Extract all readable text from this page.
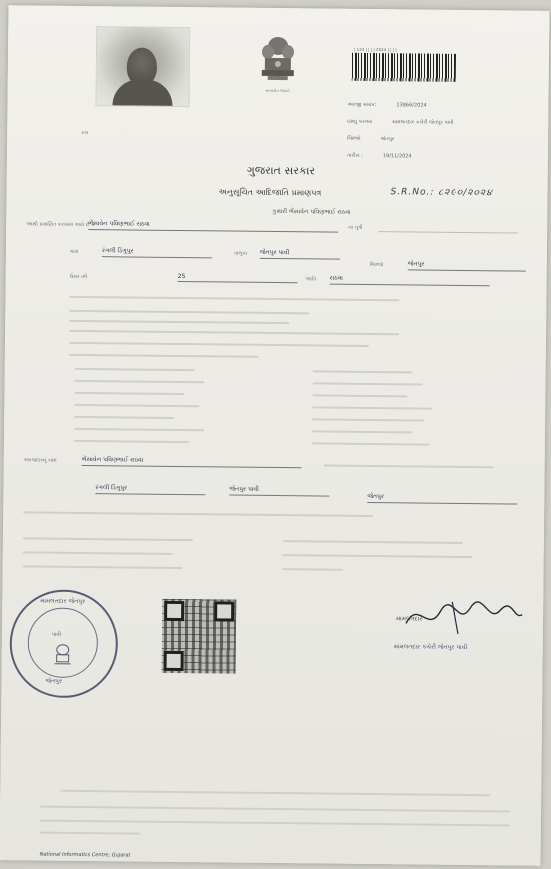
ક્રમ
સત્યમેવ જયતે
| 123 | | | | 2024 | | | |
અરજી ક્રમાંક:	13866/2024
ઇશ્યુ કરનાર	મામલતદાર કચેરી જેતપુર પાવી
જિલ્લો	જેતપુર
તારીખ :	19/11/2024
ગુજરાત સરકાર
અનુસૂચિત આદિજાતિ પ્રમાણપત્ર	S.R.No.: ૮૨૯૦/૨૦૨૪
કુમારી ભેંસાવેન પવિણભાઈ રાઠવા
આથી પ્રમાણિત કરવામાં આવે છે કે
ભેંસાવેન પવિણભાઈ રાઠવા
ના પુત્રી
ગામ	રંગલી ડિંગુપુર	તાલુકા જેતપુર પાવી
જિલ્લો	જેતપુર
ઉંમર વર્ષ	25	જાતિ રાઠવા
અરજદારનું નામ	ભેંસાવેન પવિણભાઈ રાઠવા
રંગલી ડિંગુપુર	જેતપુર પાવી
જેતપુર
મામલતદાર જેતપુર
પાવી
જેતપુર
મામલતદાર
મામલતદાર કચેરી જેતપુર પાવી
National Informatics Centre, Gujarat
